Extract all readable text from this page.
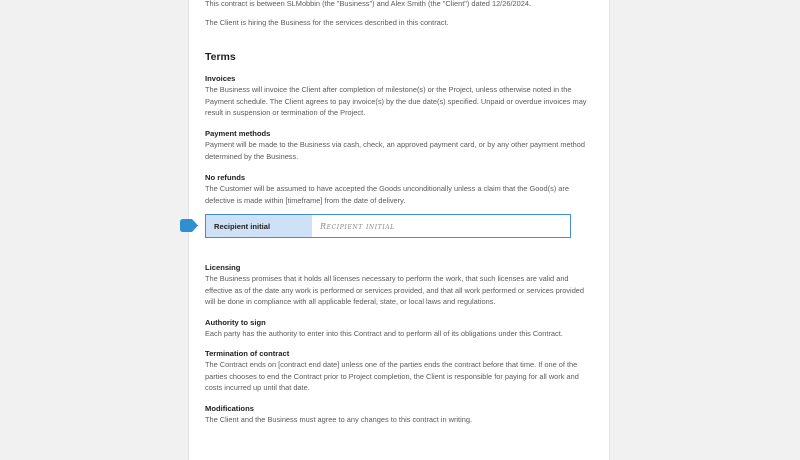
This contract is between SLMobbin (the "Business") and Alex Smith (the "Client") dated 12/26/2024.

The Client is hiring the Business for the services described in this contract.

Terms
Invoices

The Business will invoice the Client after completion of milestone(s) or the Project, unless otherwise noted in the Payment schedule. The Client agrees to pay invoice(s) by the due date(s) specified. Unpaid or overdue invoices may result in suspension or termination of the Project.

Payment methods

Payment will be made to the Business via cash, check, an approved payment card, or by any other payment method determined by the Business.

No refunds

The Customer will be assumed to have accepted the Goods unconditionally unless a claim that the Good(s) are defective is made within [timeframe] from the date of delivery.

Licensing

The Business promises that it holds all licenses necessary to perform the work, that such licenses are valid and effective as of the date any work is performed or services provided, and that all work performed or services provided will be done in compliance with all applicable federal, state, or local laws and regulations.

Authority to sign

Each party has the authority to enter into this Contract and to perform all of its obligations under this Contract.

Termination of contract

The Contract ends on [contract end date] unless one of the parties ends the contract before that time. If one of the parties chooses to end the Contract prior to Project completion, the Client is responsible for paying for all work and costs incurred up until that date.

Modifications

The Client and the Business must agree to any changes to this contract in writing.

Recipient initial
Recipient initial
